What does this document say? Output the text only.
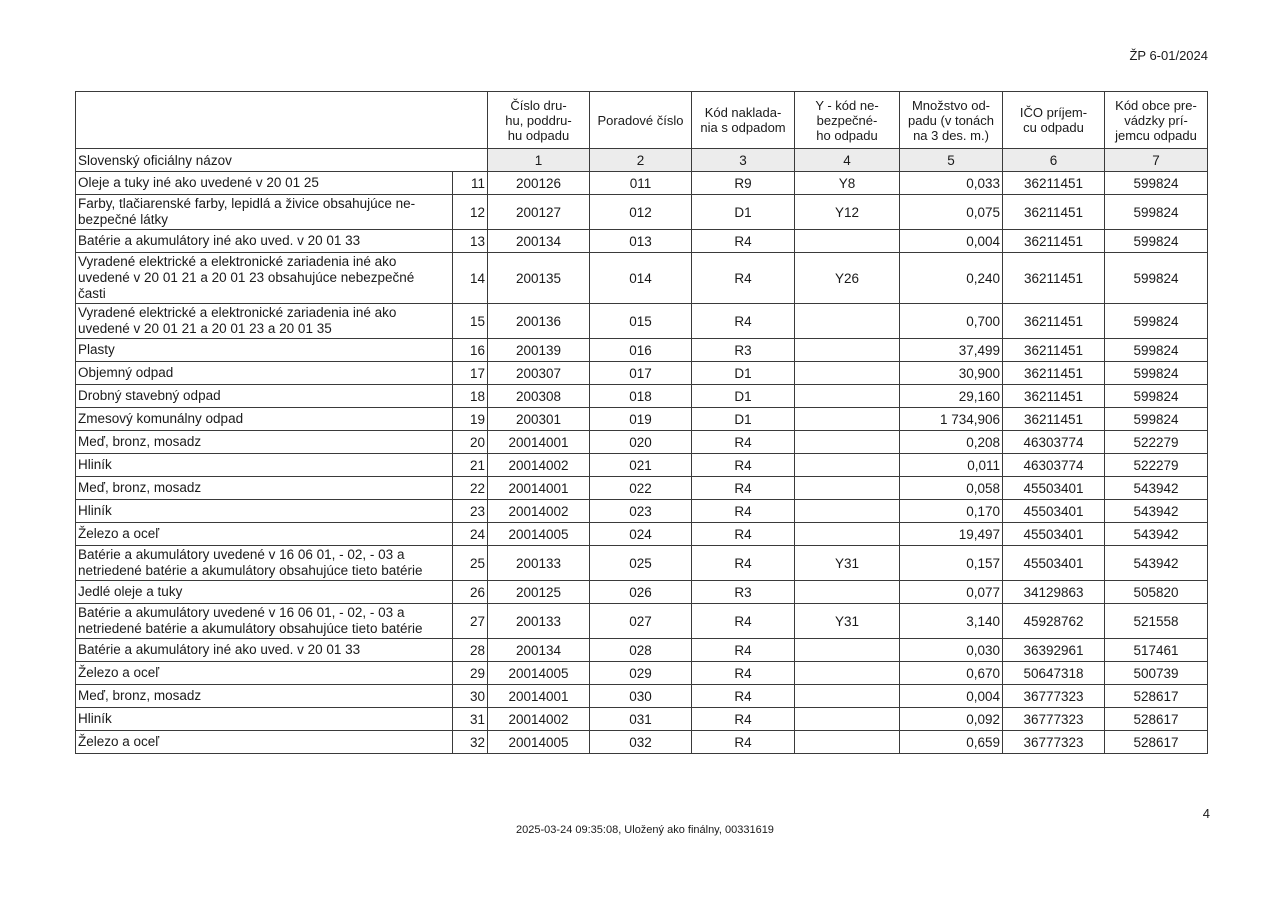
ŽP 6-01/2024
		Číslo dru-
hu, poddru-
hu odpadu	Poradové číslo	Kód naklada-
nia s odpadom	Y - kód ne-
bezpečné-
ho odpadu	Množstvo od-
padu (v tonách
na 3 des. m.)	IČO príjem-
cu odpadu	Kód obce pre-
vádzky prí-
jemcu odpadu
Slovenský oficiálny názov		1	2	3	4	5	6	7
Oleje a tuky iné ako uvedené v 20 01 25	11	200126	011	R9	Y8	0,033	36211451	599824
Farby, tlačiarenské farby, lepidlá a živice obsahujúce ne-
bezpečné látky	12	200127	012	D1	Y12	0,075	36211451	599824
Batérie a akumulátory iné ako uved. v 20 01 33	13	200134	013	R4		0,004	36211451	599824
Vyradené elektrické a elektronické zariadenia iné ako
uvedené v 20 01 21 a 20 01 23 obsahujúce nebezpečné
časti	14	200135	014	R4	Y26	0,240	36211451	599824
Vyradené elektrické a elektronické zariadenia iné ako
uvedené v 20 01 21 a 20 01 23 a 20 01 35	15	200136	015	R4		0,700	36211451	599824
Plasty	16	200139	016	R3		37,499	36211451	599824
Objemný odpad	17	200307	017	D1		30,900	36211451	599824
Drobný stavebný odpad	18	200308	018	D1		29,160	36211451	599824
Zmesový komunálny odpad	19	200301	019	D1		1 734,906	36211451	599824
Meď, bronz, mosadz	20	20014001	020	R4		0,208	46303774	522279
Hliník	21	20014002	021	R4		0,011	46303774	522279
Meď, bronz, mosadz	22	20014001	022	R4		0,058	45503401	543942
Hliník	23	20014002	023	R4		0,170	45503401	543942
Železo a oceľ	24	20014005	024	R4		19,497	45503401	543942
Batérie a akumulátory uvedené v 16 06 01, - 02, - 03 a
netriedené batérie a akumulátory obsahujúce tieto batérie	25	200133	025	R4	Y31	0,157	45503401	543942
Jedlé oleje a tuky	26	200125	026	R3		0,077	34129863	505820
Batérie a akumulátory uvedené v 16 06 01, - 02, - 03 a
netriedené batérie a akumulátory obsahujúce tieto batérie	27	200133	027	R4	Y31	3,140	45928762	521558
Batérie a akumulátory iné ako uved. v 20 01 33	28	200134	028	R4		0,030	36392961	517461
Železo a oceľ	29	20014005	029	R4		0,670	50647318	500739
Meď, bronz, mosadz	30	20014001	030	R4		0,004	36777323	528617
Hliník	31	20014002	031	R4		0,092	36777323	528617
Železo a oceľ	32	20014005	032	R4		0,659	36777323	528617
4
2025-03-24 09:35:08, Uložený ako finálny, 00331619
